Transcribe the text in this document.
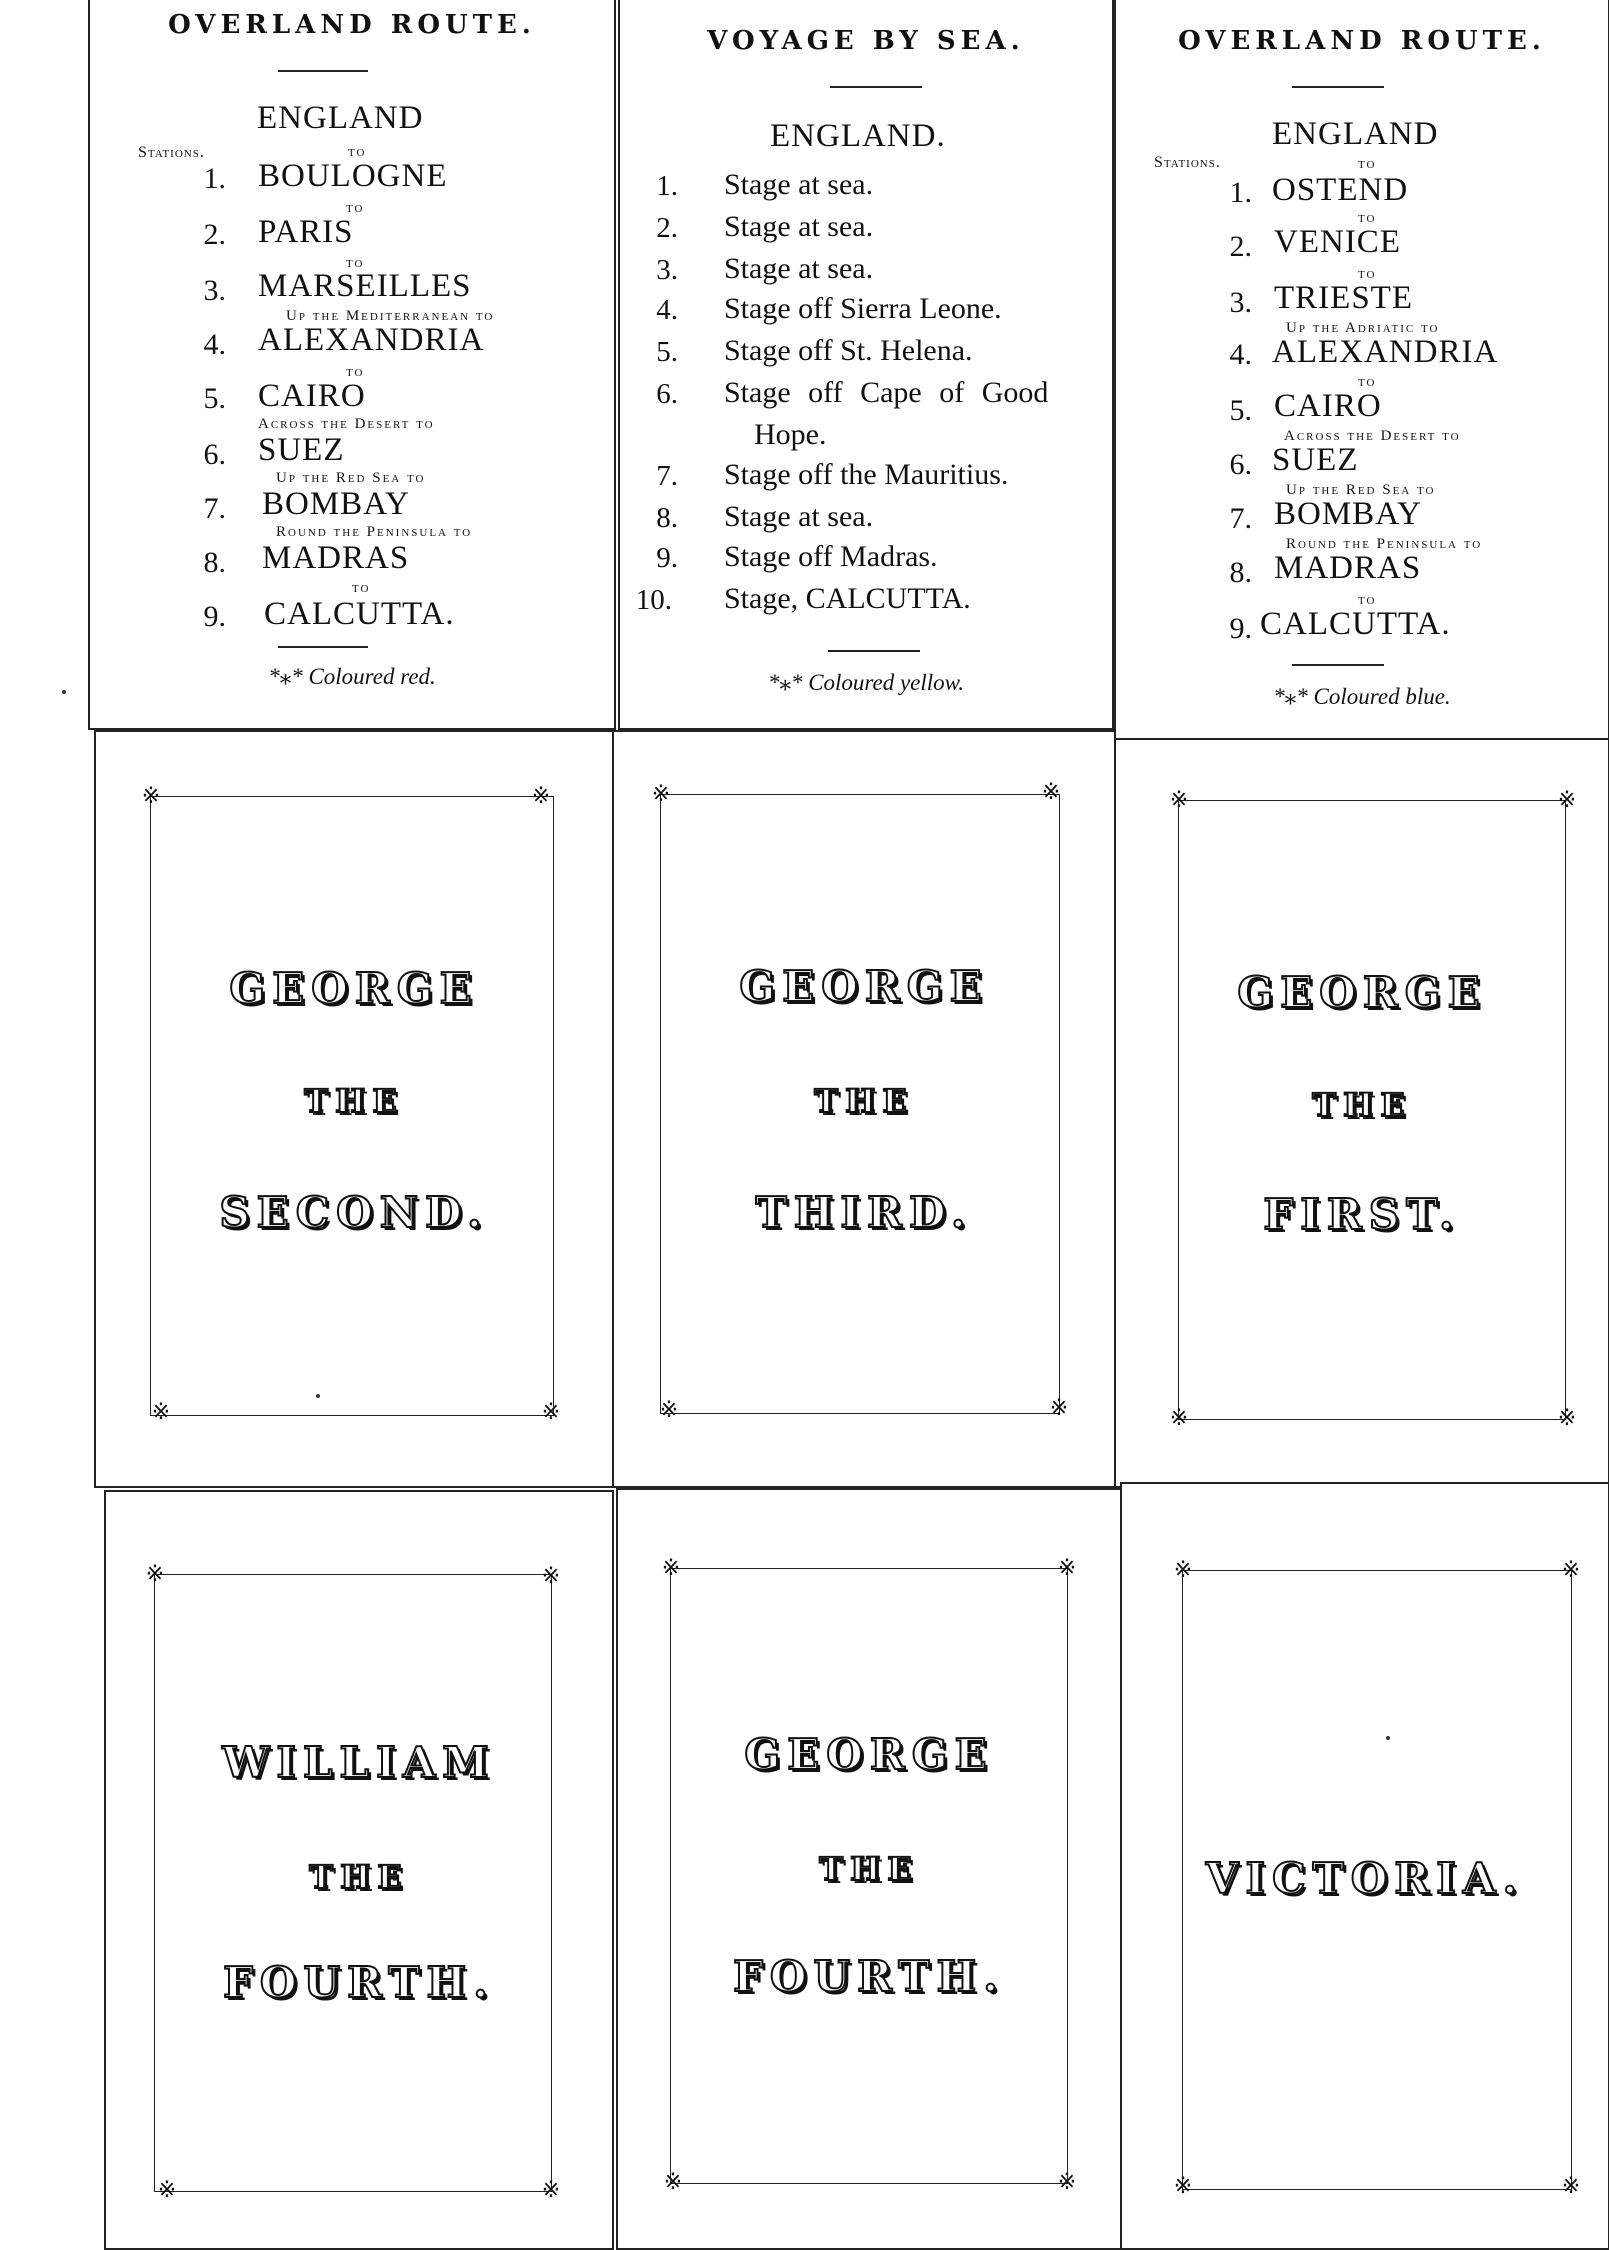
OVERLAND ROUTE.
ENGLAND
Stations.	to
1. BOULOGNE
to
2. PARIS
to
3. MARSEILLES
Up the Mediterranean to
4. ALEXANDRIA
to
5. CAIRO
Across the Desert to
6. SUEZ
Up the Red Sea to
7. BOMBAY
Round the Peninsula to
8. MADRAS
to
9. CALCUTTA.
*⁎* Coloured red.
VOYAGE BY SEA.
ENGLAND.
1. Stage at sea.
2. Stage at sea.
3. Stage at sea.
4. Stage off Sierra Leone.
5. Stage off St. Helena.
6. Stage off Cape of Good
Hope.
7. Stage off the Mauritius.
8. Stage at sea.
9. Stage off Madras.
10. Stage, CALCUTTA.
*⁎* Coloured yellow.
OVERLAND ROUTE.
ENGLAND
Stations.	to
1. OSTEND
to
2. VENICE
to
3. TRIESTE
Up the Adriatic to
4. ALEXANDRIA
to
5. CAIRO
Across the Desert to
6. SUEZ
Up the Red Sea to
7. BOMBAY
Round the Peninsula to
8. MADRAS
to
9. CALCUTTA.
*⁎* Coloured blue.
※	※
※	※
GEORGE
THE
SECOND.
※	※
※	※
GEORGE
THE
THIRD.
※	※
※	※
GEORGE
THE
FIRST.
※	※
※	※
WILLIAM
THE
FOURTH.
※	※
※	※
GEORGE
THE
FOURTH.
※	※
※	※
VICTORIA.
